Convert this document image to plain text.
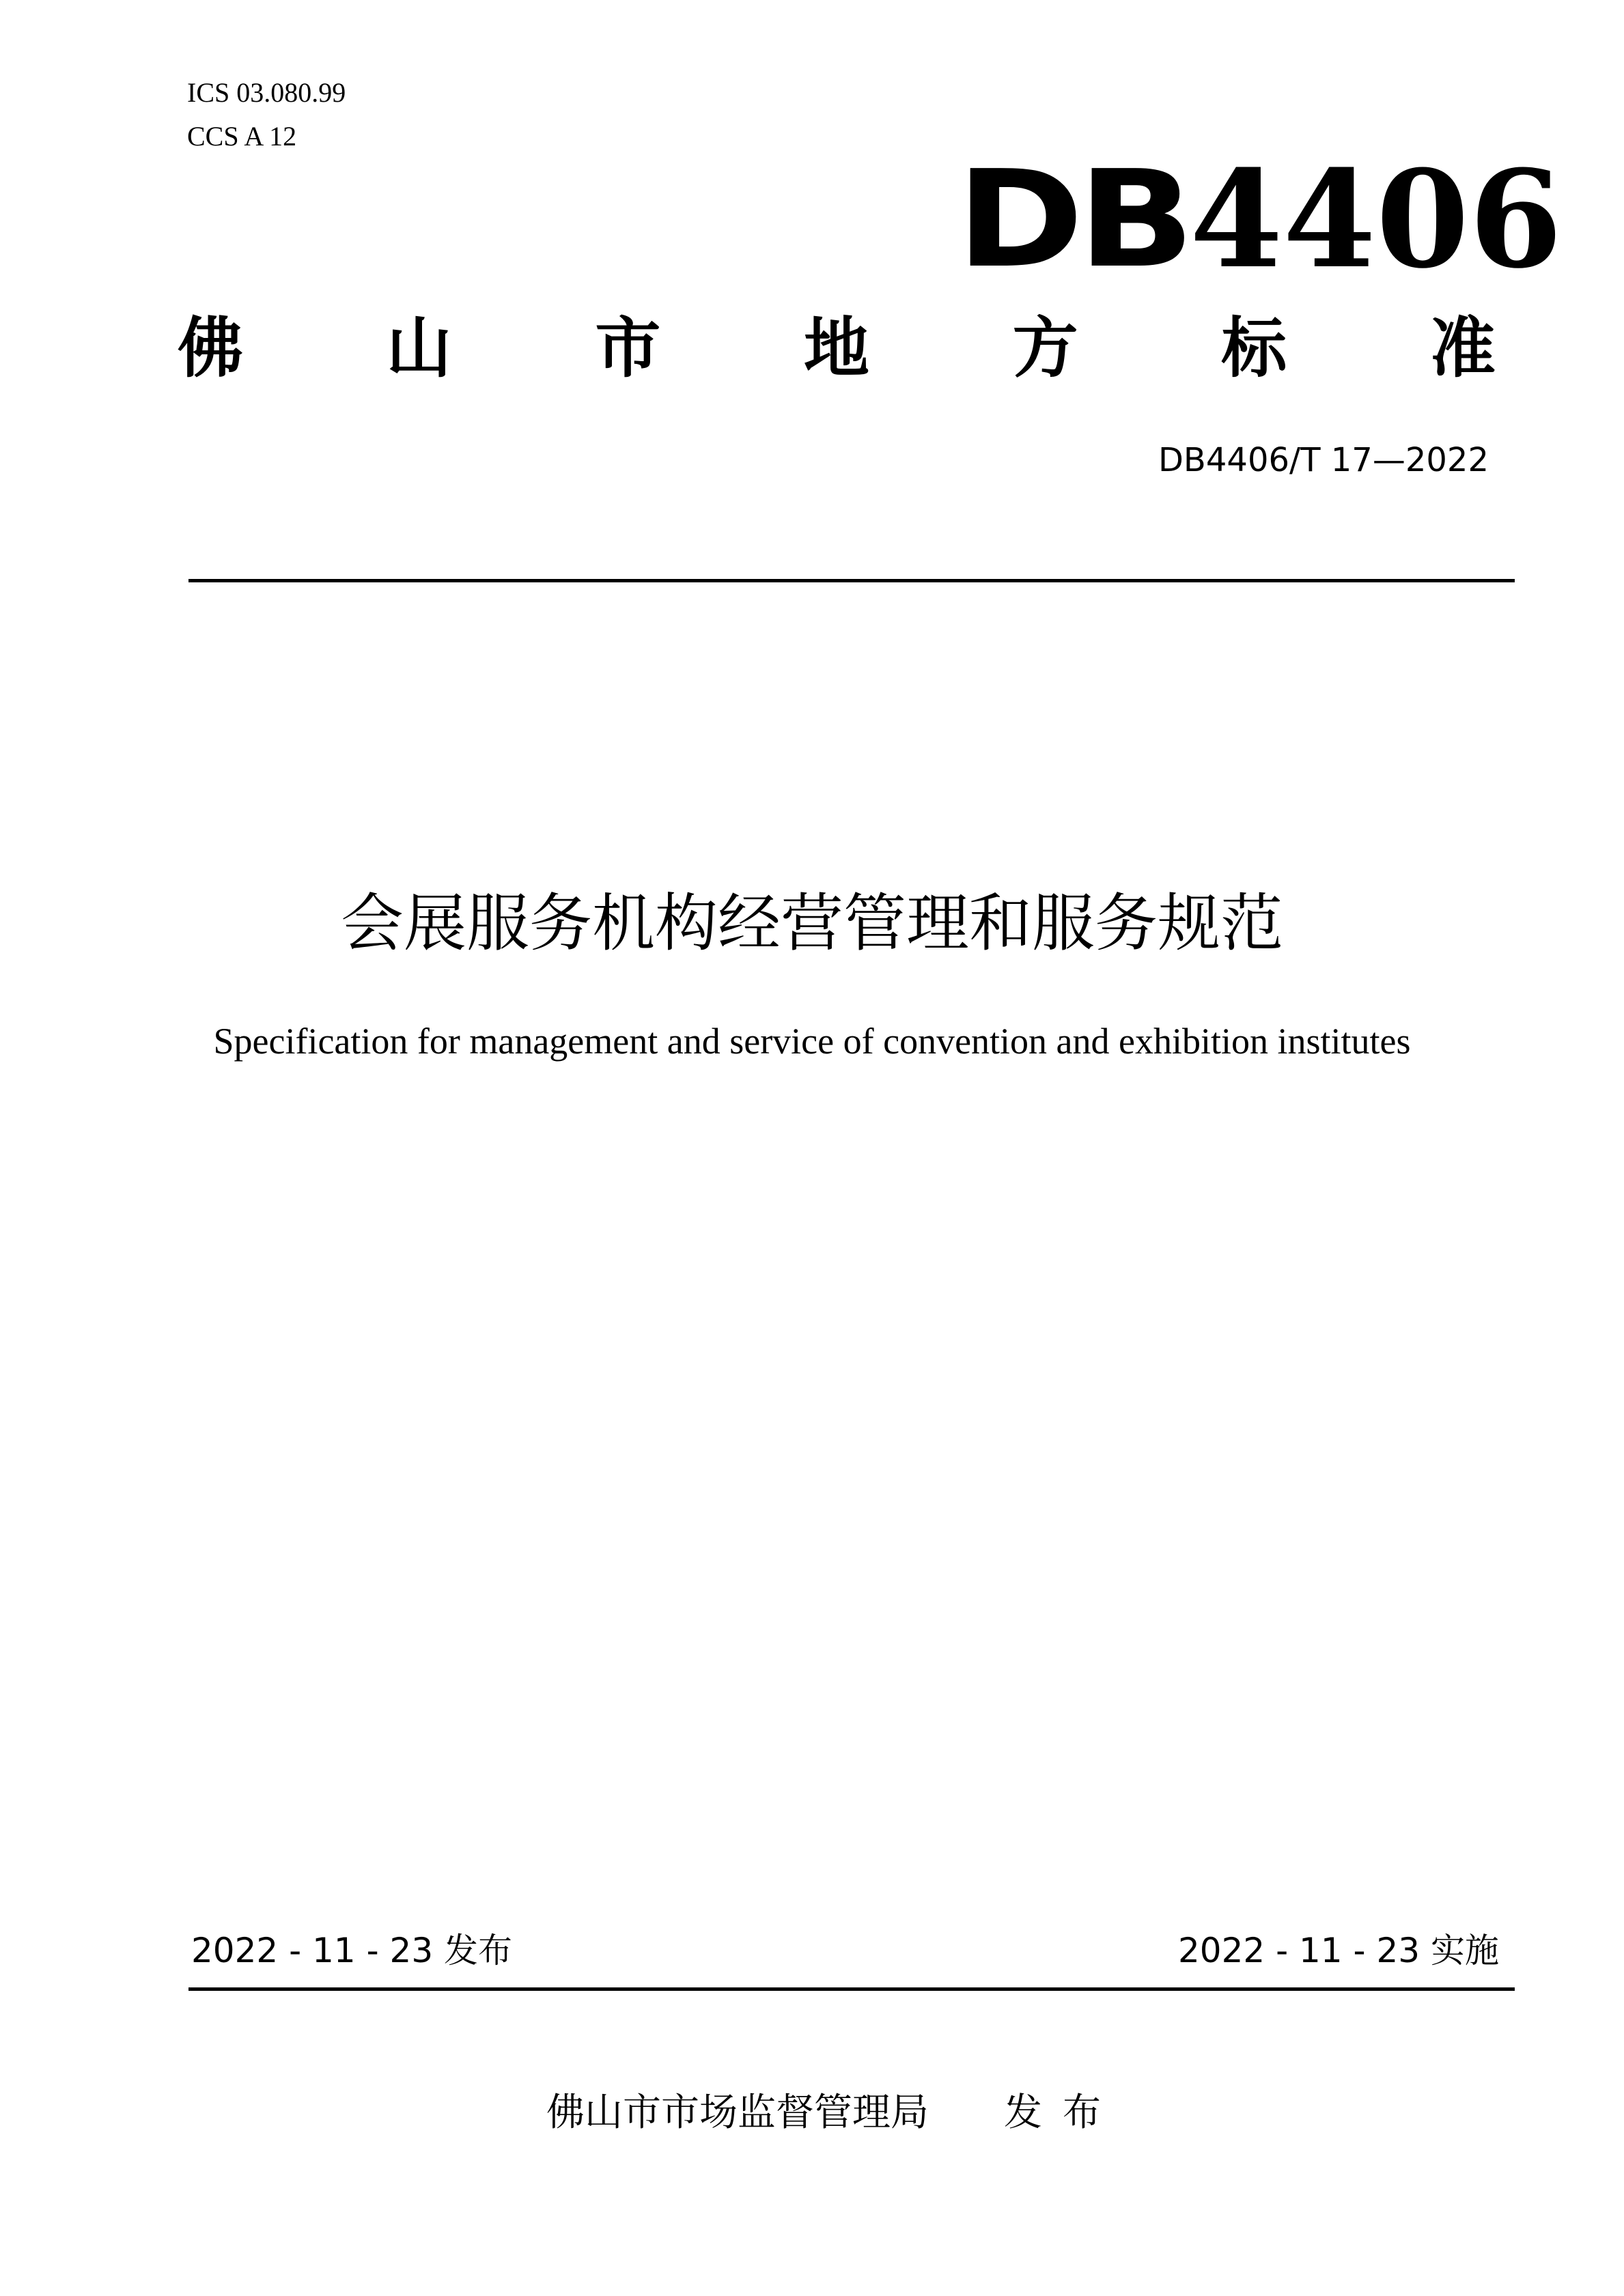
ICS 03.080.99
CCS A 12
DB 4406
佛 山 市 地 方 标 准
DB4406/T 17—2022
会展服务机构经营管理和服务规范
Specification for management and service of convention and exhibition institutes
2022 - 11 - 23 发布	2022 - 11 - 23 实施
佛山市市场监督管理局 发布
